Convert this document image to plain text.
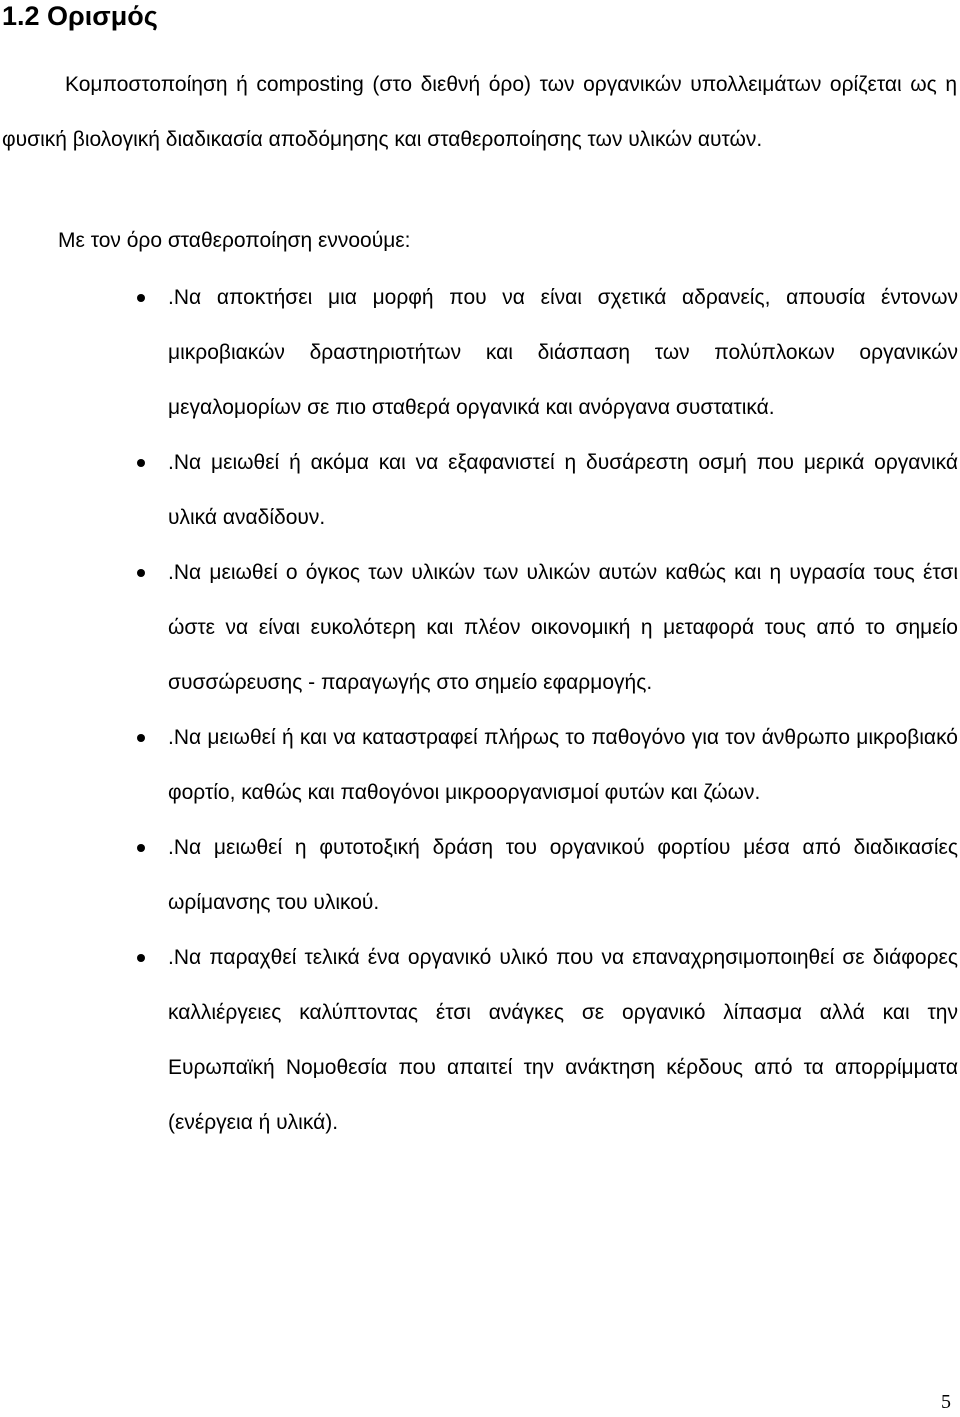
1.2 Ορισμός

Κομποστοποίηση ή composting (στο διεθνή όρο) των οργανικών υπολλειμάτων ορίζεται ως η φυσική βιολογική διαδικασία αποδόμησης και σταθεροποίησης των υλικών αυτών.

Με τον όρο σταθεροποίηση εννοούμε:

.Να αποκτήσει μια μορφή που να είναι σχετικά αδρανείς, απουσία έντονων μικροβιακών δραστηριοτήτων και διάσπαση των πολύπλοκων οργανικών μεγαλομορίων σε πιο σταθερά οργανικά και ανόργανα συστατικά.
.Να μειωθεί ή ακόμα και να εξαφανιστεί η δυσάρεστη οσμή που μερικά οργανικά υλικά αναδίδουν.
.Να μειωθεί ο όγκος των υλικών των υλικών αυτών καθώς και η υγρασία τους έτσι ώστε να είναι ευκολότερη και πλέον οικονομική η μεταφορά τους από το σημείο συσσώρευσης - παραγωγής στο σημείο εφαρμογής.
.Να μειωθεί ή και να καταστραφεί πλήρως το παθογόνο για τον άνθρωπο μικροβιακό φορτίο, καθώς και παθογόνοι μικροοργανισμοί φυτών και ζώων.
.Να μειωθεί η φυτοτοξική δράση του οργανικού φορτίου μέσα από διαδικασίες ωρίμανσης του υλικού.
.Να παραχθεί τελικά ένα οργανικό υλικό που να επαναχρησιμοποιηθεί σε διάφορες καλλιέργειες καλύπτοντας έτσι ανάγκες σε οργανικό λίπασμα αλλά και την Ευρωπαϊκή Νομοθεσία που απαιτεί την ανάκτηση κέρδους από τα απορρίμματα (ενέργεια ή υλικά).

5
